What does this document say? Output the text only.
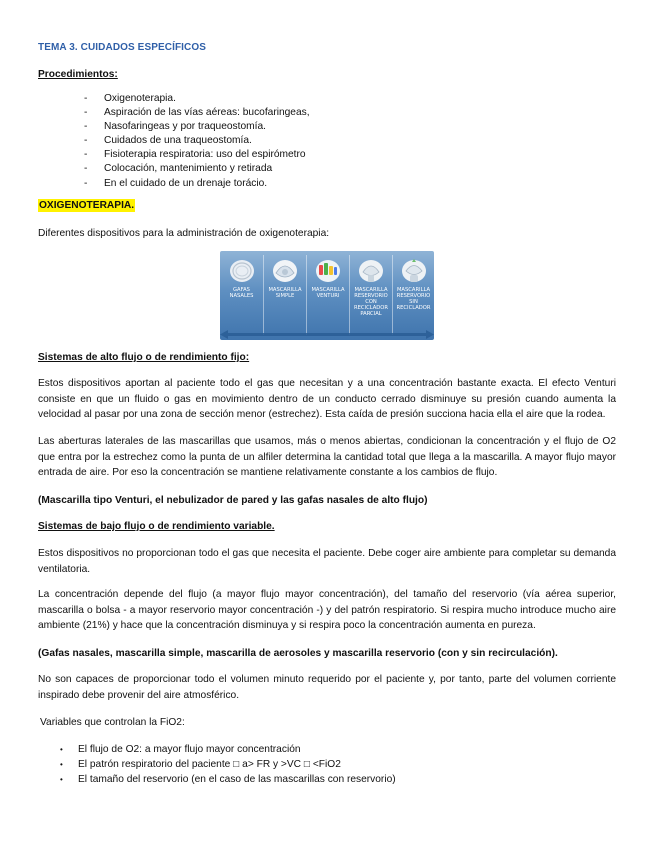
TEMA 3. CUIDADOS ESPECÍFICOS
Procedimientos:
- Oxigenoterapia.
- Aspiración de las vías aéreas: bucofaringeas,
- Nasofaringeas y por traqueostomía.
- Cuidados de una traqueostomía.
- Fisioterapia respiratoria: uso del espirómetro
- Colocación, mantenimiento y retirada
- En el cuidado de un drenaje torácio.
OXIGENOTERAPIA.
Diferentes dispositivos para la administración de oxigenoterapia:
GAFAS
NASALES
MASCARILLA
SIMPLE
MASCARILLA
VENTURI
MASCARILLA
RESERVORIO
CON
RECICLADOR
PARCIAL
MASCARILLA
RESERVORIO
SIN
RECICLADOR
Sistemas de alto flujo o de rendimiento fijo:

Estos dispositivos aportan al paciente todo el gas que necesitan y a una concentración bastante exacta. El efecto Venturi consiste en que un fluido o gas en movimiento dentro de un conducto cerrado disminuye su presión cuando aumenta la velocidad al pasar por una zona de sección menor (estrechez). Esta caída de presión succiona hacia ella el aire que la rodea.

Las aberturas laterales de las mascarillas que usamos, más o menos abiertas, condicionan la concentración y el flujo de O2 que entra por la estrechez como la punta de un alfiler determina la cantidad total que llega a la mascarilla. A mayor flujo mayor entrada de aire. Por eso la concentración se mantiene relativamente constante a los cambios de flujo.

(Mascarilla tipo Venturi, el nebulizador de pared y las gafas nasales de alto flujo)
Sistemas de bajo flujo o de rendimiento variable.

Estos dispositivos no proporcionan todo el gas que necesita el paciente. Debe coger aire ambiente para completar su demanda ventilatoria.

La concentración depende del flujo (a mayor flujo mayor concentración), del tamaño del reservorio (vía aérea superior, mascarilla o bolsa - a mayor reservorio mayor concentración -) y del patrón respiratorio. Si respira mucho introduce mucho aire ambiente (21%) y hace que la concentración disminuya y si respira poco la concentración aumenta en pureza.

(Gafas nasales, mascarilla simple, mascarilla de aerosoles y mascarilla reservorio (con y sin recirculación).

No son capaces de proporcionar todo el volumen minuto requerido por el paciente y, por tanto, parte del volumen corriente inspirado debe provenir del aire atmosférico.

Variables que controlan la FiO2:
• El flujo de O2: a mayor flujo mayor concentración
• El patrón respiratorio del paciente □ a> FR y >VC □ <FiO2
• El tamaño del reservorio (en el caso de las mascarillas con reservorio)
